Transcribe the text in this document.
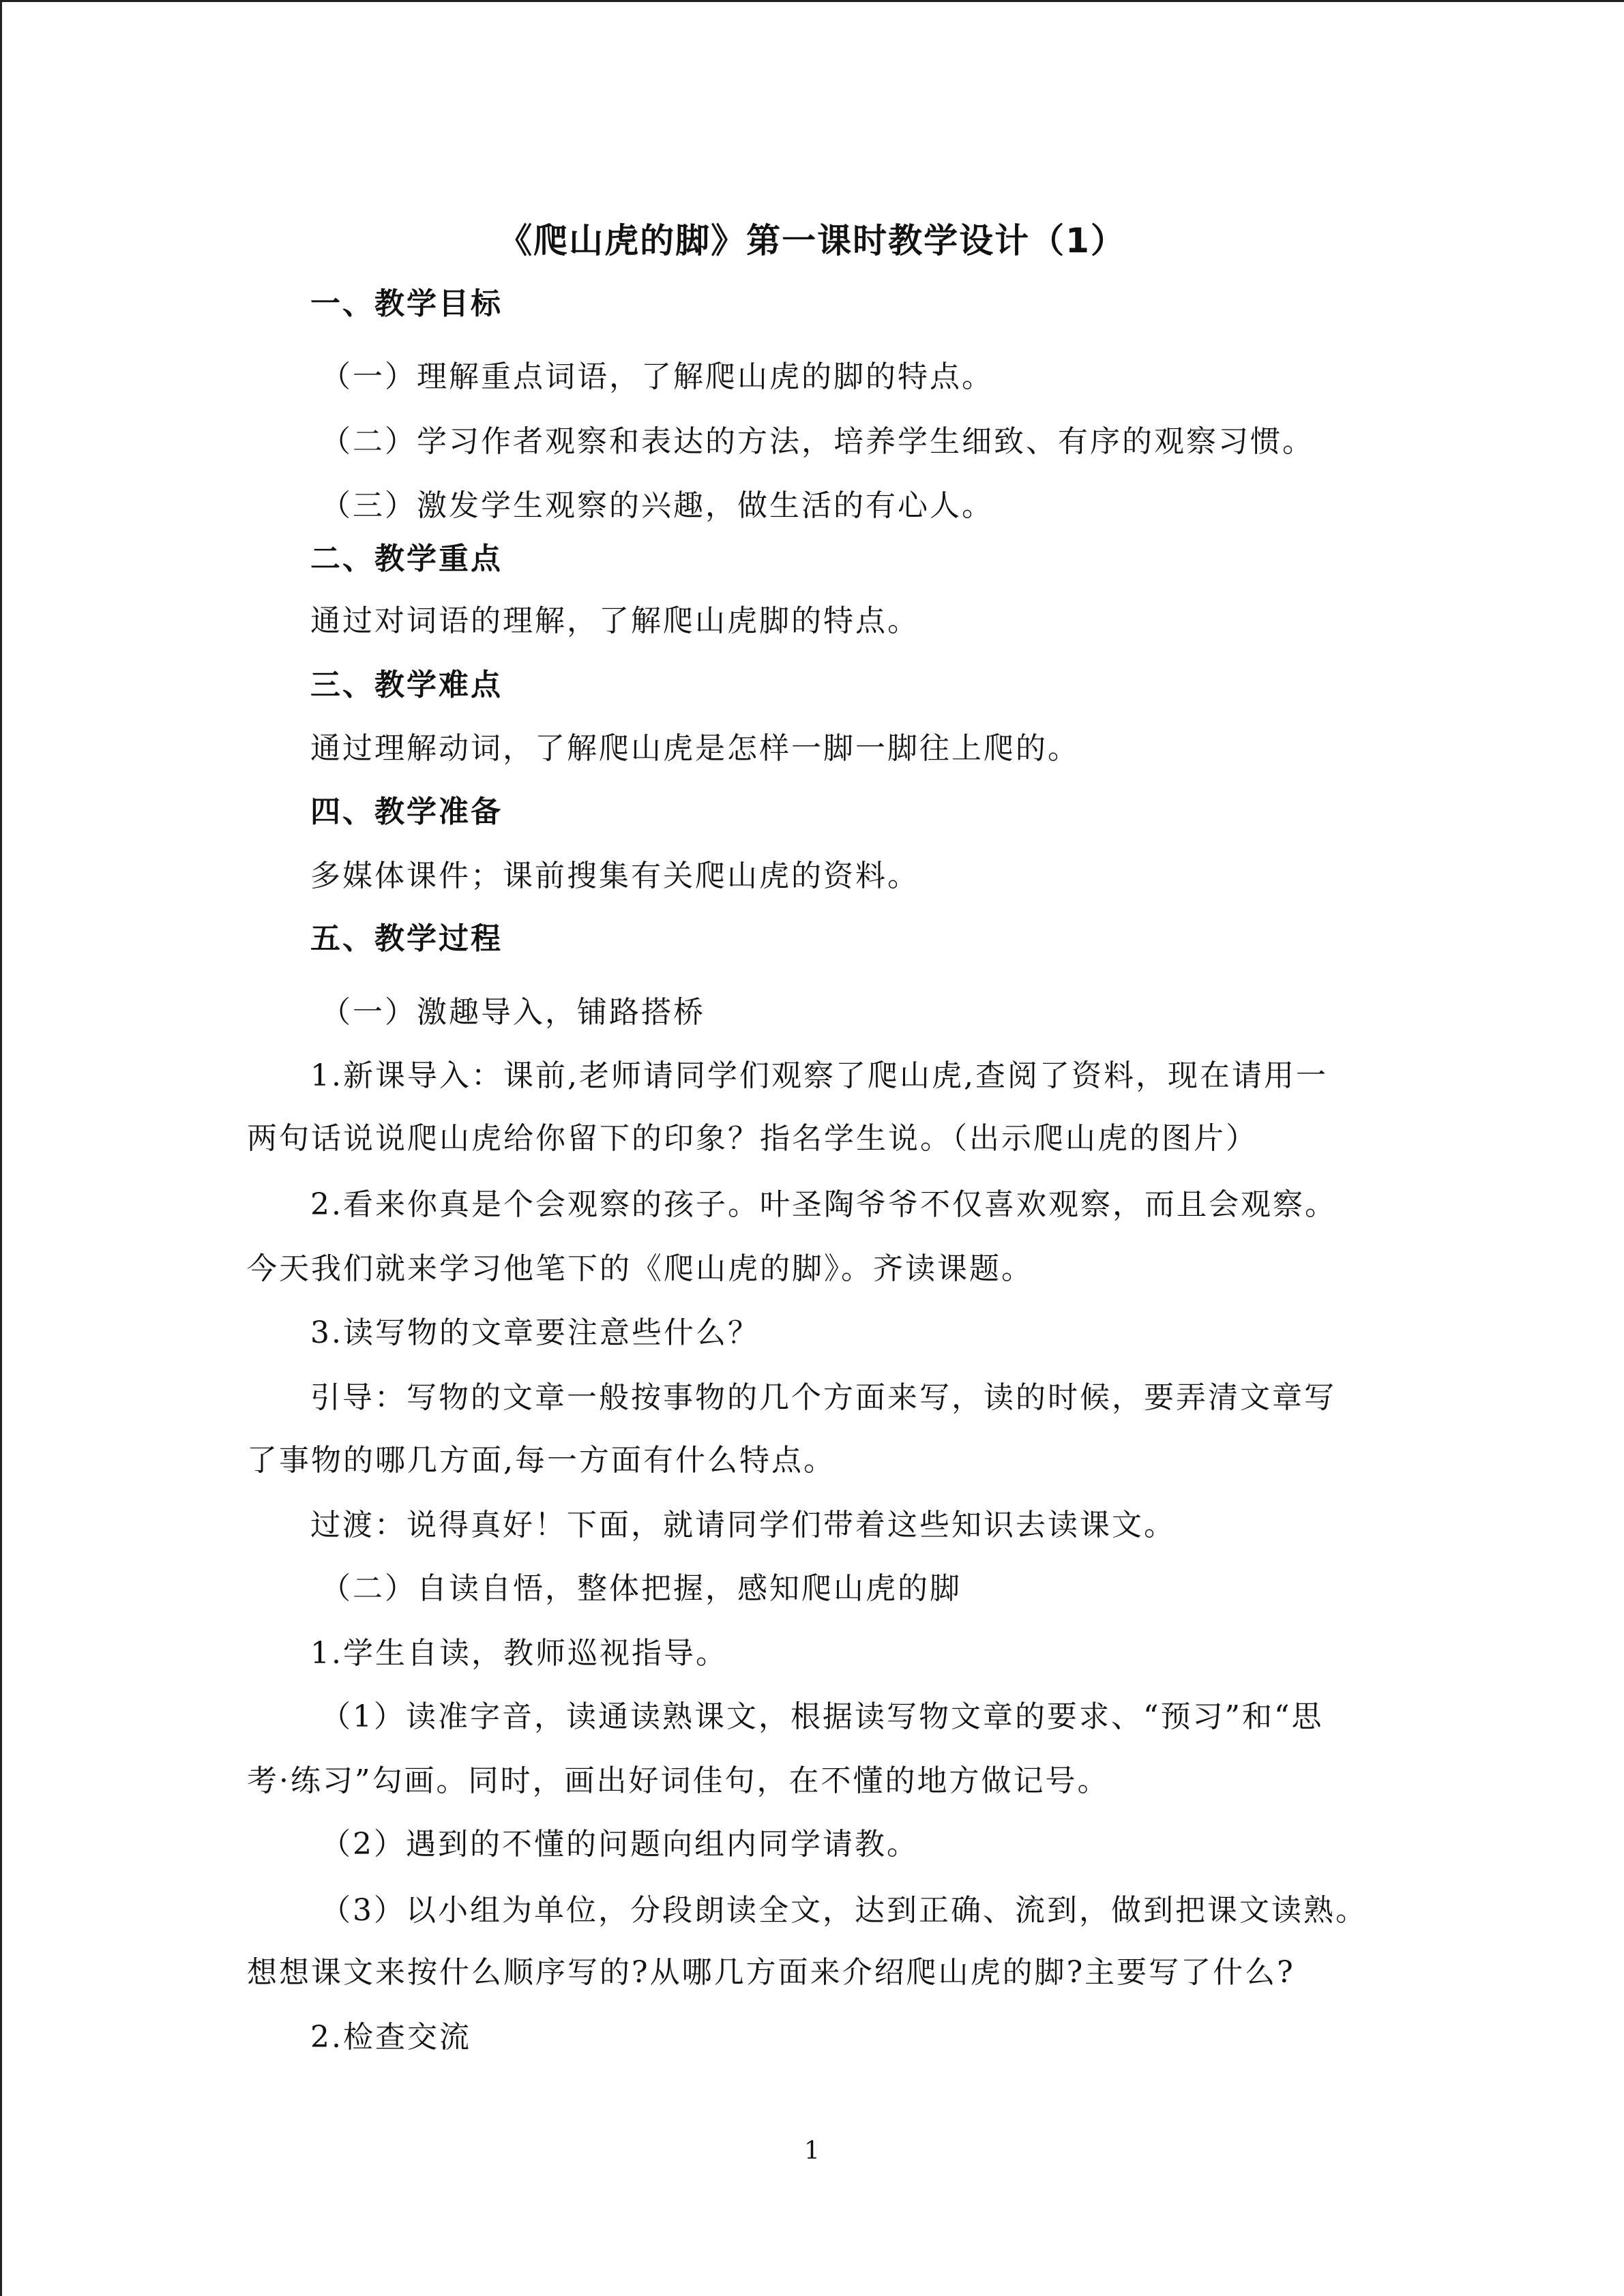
《爬山虎的脚》第一课时教学设计（1）
一、教学目标
（一）理解重点词语，了解爬山虎的脚的特点。
（二）学习作者观察和表达的方法，培养学生细致、有序的观察习惯。
（三）激发学生观察的兴趣，做生活的有心人。
二、教学重点
通过对词语的理解，了解爬山虎脚的特点。
三、教学难点
通过理解动词，了解爬山虎是怎样一脚一脚往上爬的。
四、教学准备
多媒体课件；课前搜集有关爬山虎的资料。
五、教学过程
（一）激趣导入，铺路搭桥
1.新课导入：课前,老师请同学们观察了爬山虎,查阅了资料，现在请用一
两句话说说爬山虎给你留下的印象？指名学生说。（出示爬山虎的图片）
2.看来你真是个会观察的孩子。叶圣陶爷爷不仅喜欢观察，而且会观察。
今天我们就来学习他笔下的《爬山虎的脚》。齐读课题。
3.读写物的文章要注意些什么？
引导：写物的文章一般按事物的几个方面来写，读的时候，要弄清文章写
了事物的哪几方面,每一方面有什么特点。
过渡：说得真好！下面，就请同学们带着这些知识去读课文。
（二）自读自悟，整体把握，感知爬山虎的脚
1.学生自读，教师巡视指导。
（1）读准字音，读通读熟课文，根据读写物文章的要求、“预习”和“思
考·练习”勾画。同时，画出好词佳句，在不懂的地方做记号。
（2）遇到的不懂的问题向组内同学请教。
（3）以小组为单位，分段朗读全文，达到正确、流到，做到把课文读熟。
想想课文来按什么顺序写的?从哪几方面来介绍爬山虎的脚?主要写了什么?
2.检查交流
1
